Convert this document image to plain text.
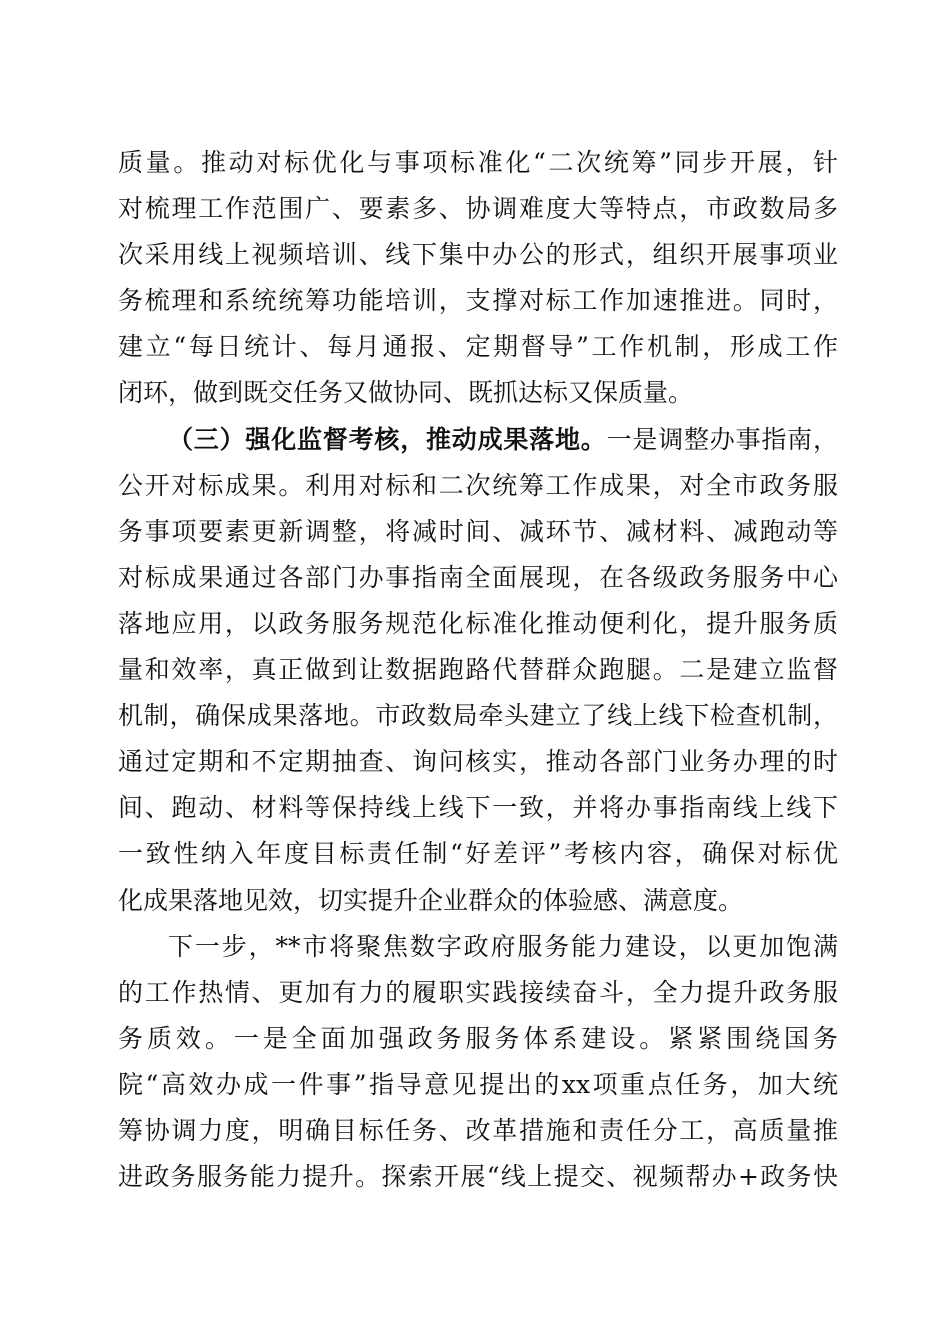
质量。推动对标优化与事项标准化“二次统筹”同步开展，针
对梳理工作范围广、要素多、协调难度大等特点，市政数局多
次采用线上视频培训、线下集中办公的形式，组织开展事项业
务梳理和系统统筹功能培训，支撑对标工作加速推进。同时，
建立“每日统计、每月通报、定期督导”工作机制，形成工作
闭环，做到既交任务又做协同、既抓达标又保质量。
（三）强化监督考核，推动成果落地。一是调整办事指南，
公开对标成果。利用对标和二次统筹工作成果，对全市政务服
务事项要素更新调整，将减时间、减环节、减材料、减跑动等
对标成果通过各部门办事指南全面展现，在各级政务服务中心
落地应用，以政务服务规范化标准化推动便利化，提升服务质
量和效率，真正做到让数据跑路代替群众跑腿。二是建立监督
机制，确保成果落地。市政数局牵头建立了线上线下检查机制，
通过定期和不定期抽查、询问核实，推动各部门业务办理的时
间、跑动、材料等保持线上线下一致，并将办事指南线上线下
一致性纳入年度目标责任制“好差评”考核内容，确保对标优
化成果落地见效，切实提升企业群众的体验感、满意度。
下一步，**市将聚焦数字政府服务能力建设，以更加饱满
的工作热情、更加有力的履职实践接续奋斗，全力提升政务服
务质效。一是全面加强政务服务体系建设。紧紧围绕国务
院“高效办成一件事”指导意见提出的xx项重点任务，加大统
筹协调力度，明确目标任务、改革措施和责任分工，高质量推
进政务服务能力提升。探索开展“线上提交、视频帮办+政务快
